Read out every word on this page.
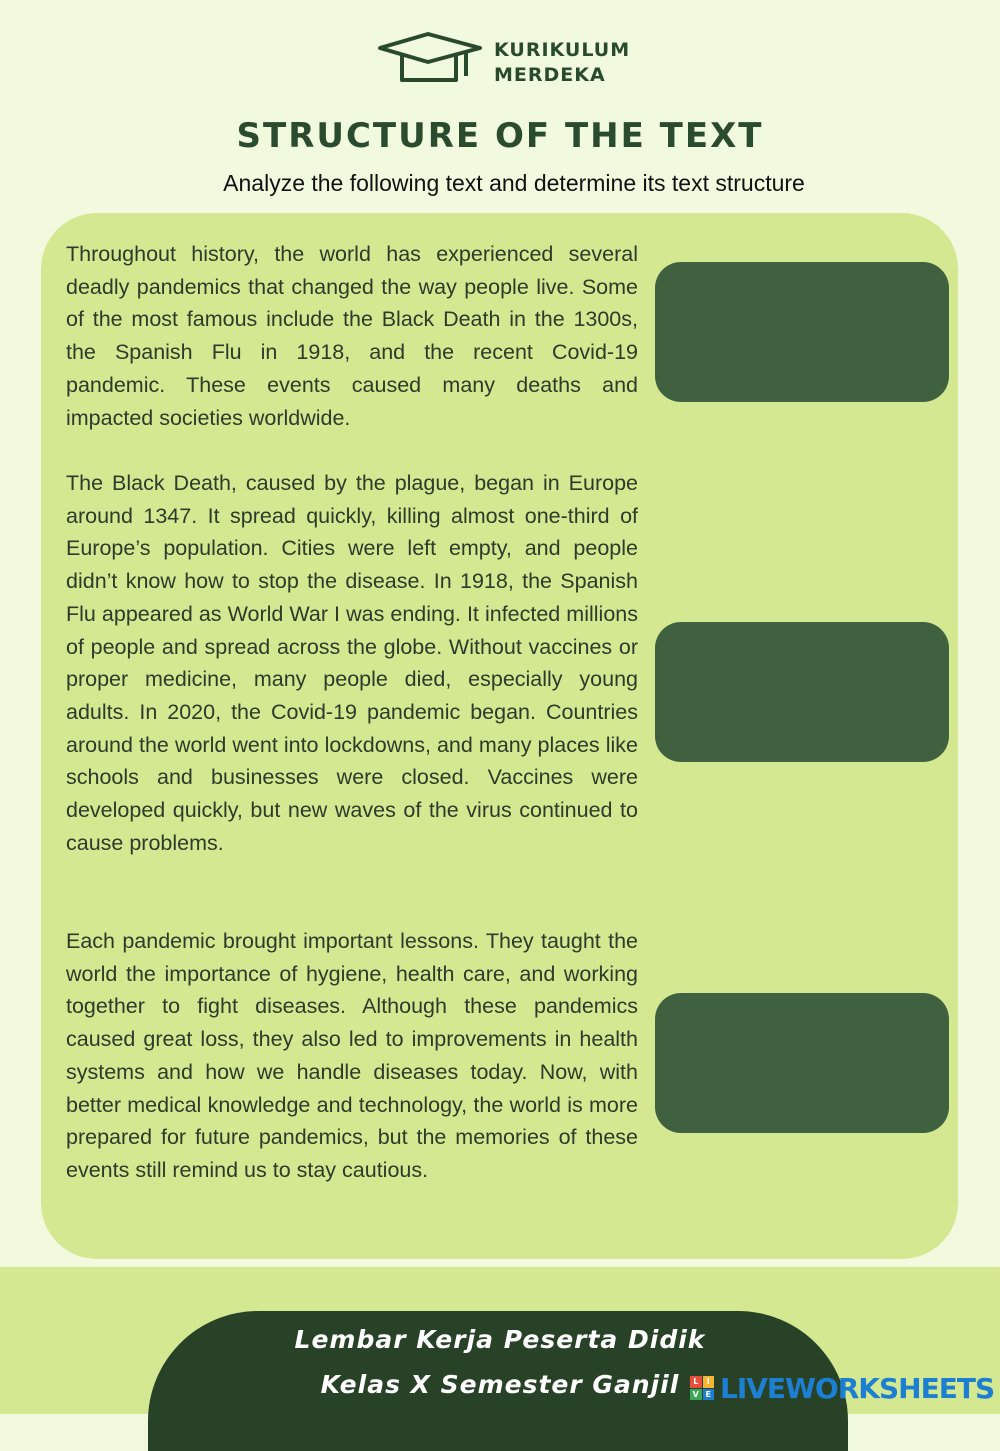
KURIKULUM
MERDEKA
STRUCTURE OF THE TEXT
Analyze the following text and determine its text structure

Throughout history, the world has experienced several deadly pandemics that changed the way people live. Some of the most famous include the Black Death in the 1300s, the Spanish Flu in 1918, and the recent Covid-19 pandemic. These events caused many deaths and impacted societies worldwide.

The Black Death, caused by the plague, began in Europe around 1347. It spread quickly, killing almost one-third of Europe’s population. Cities were left empty, and people didn’t know how to stop the disease. In 1918, the Spanish Flu appeared as World War I was ending. It infected millions of people and spread across the globe. Without vaccines or proper medicine, many people died, especially young adults. In 2020, the Covid-19 pandemic began. Countries around the world went into lockdowns, and many places like schools and businesses were closed. Vaccines were developed quickly, but new waves of the virus continued to cause problems.

Each pandemic brought important lessons. They taught the world the importance of hygiene, health care, and working together to fight diseases. Although these pandemics caused great loss, they also led to improvements in health systems and how we handle diseases today. Now, with better medical knowledge and technology, the world is more prepared for future pandemics, but the memories of these events still remind us to stay cautious.

Lembar Kerja Peserta Didik
Kelas X Semester Ganjil	L	I
V E LIVEWORKSHEETS
